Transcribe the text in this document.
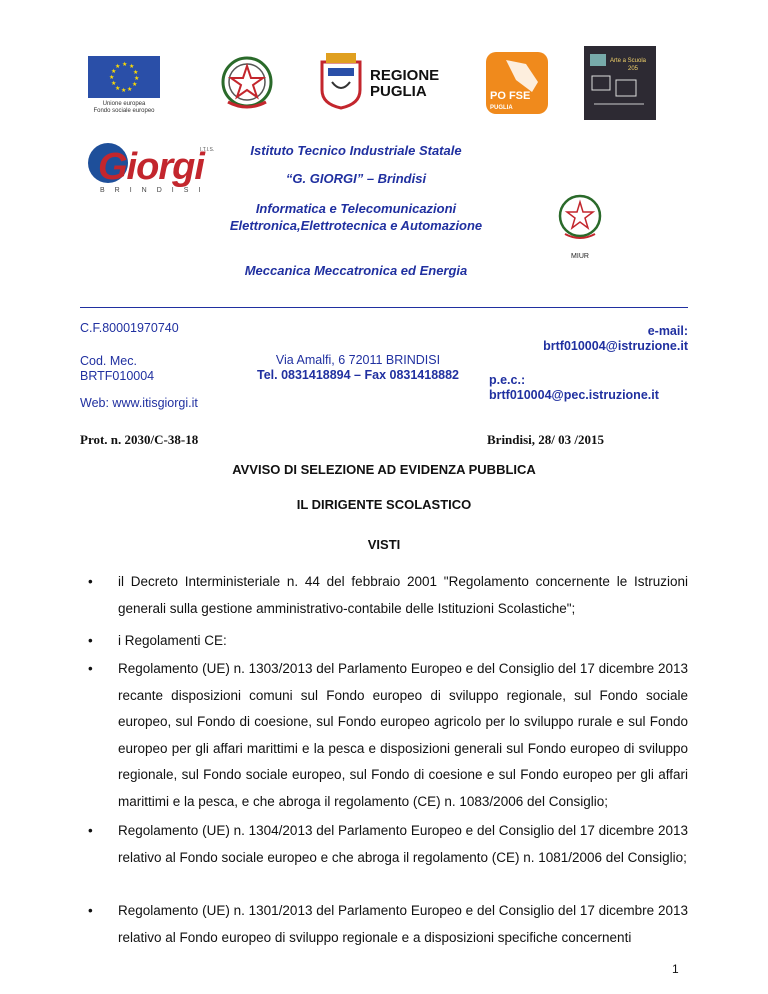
★ ★
★
★
★
★
★
★
★
★
★
★
Unione europea
Fondo sociale europeo
REGIONE
PUGLIA	PO FSE
PUGLIA
Arte a Scuola
205
Giorgi
I.T.I.S.
BRINDISI
Istituto Tecnico Industriale Statale
“G. GIORGI” – Brindisi
Informatica e Telecomunicazioni Elettronica,Elettrotecnica e Automazione
Meccanica Meccatronica ed Energia
MIUR
C.F.80001970740
Cod. Mec.
BRTF010004
Web: www.itisgiorgi.it
Via Amalfi, 6 72011 BRINDISI
Tel. 0831418894 – Fax 0831418882
e-mail:
brtf010004@istruzione.it
p.e.c.:
brtf010004@pec.istruzione.it
Prot. n. 2030/C-38-18	Brindisi, 28/ 03 /2015
AVVISO DI SELEZIONE AD EVIDENZA PUBBLICA
IL DIRIGENTE SCOLASTICO
VISTI
• il Decreto Interministeriale n. 44 del febbraio 2001 "Regolamento concernente le Istruzioni generali sulla gestione amministrativo-contabile delle Istituzioni Scolastiche";
• i Regolamenti CE:
• Regolamento (UE) n. 1303/2013 del Parlamento Europeo e del Consiglio del 17 dicembre 2013 recante disposizioni comuni sul Fondo europeo di sviluppo regionale, sul Fondo sociale europeo, sul Fondo di coesione, sul Fondo europeo agricolo per lo sviluppo rurale e sul Fondo europeo per gli affari marittimi e la pesca e disposizioni generali sul Fondo europeo di sviluppo regionale, sul Fondo sociale europeo, sul Fondo di coesione e sul Fondo europeo per gli affari marittimi e la pesca, e che abroga il regolamento (CE) n. 1083/2006 del Consiglio;
• Regolamento (UE) n. 1304/2013 del Parlamento Europeo e del Consiglio del 17 dicembre 2013 relativo al Fondo sociale europeo e che abroga il regolamento (CE) n. 1081/2006 del Consiglio;
• Regolamento (UE) n. 1301/2013 del Parlamento Europeo e del Consiglio del 17 dicembre 2013 relativo al Fondo europeo di sviluppo regionale e a disposizioni specifiche concernenti
1
